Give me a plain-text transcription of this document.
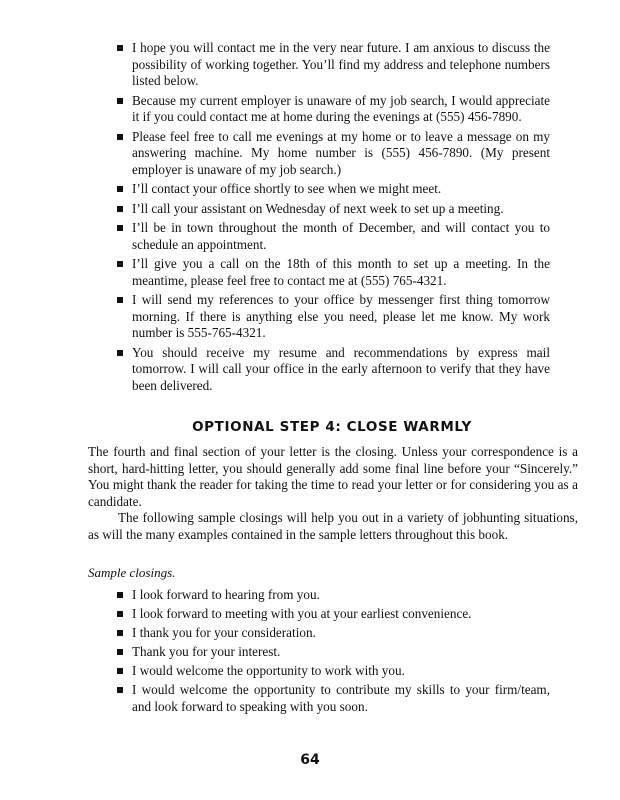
I hope you will contact me in the very near future. I am anxious to discuss the possibility of working together. You’ll find my address and telephone numbers listed below.
Because my current employer is unaware of my job search, I would appreciate it if you could contact me at home during the evenings at (555) 456-7890.
Please feel free to call me evenings at my home or to leave a message on my answering machine. My home number is (555) 456-7890. (My present employer is unaware of my job search.)
I’ll contact your office shortly to see when we might meet.
I’ll call your assistant on Wednesday of next week to set up a meeting.
I’ll be in town throughout the month of December, and will contact you to schedule an appointment.
I’ll give you a call on the 18th of this month to set up a meeting. In the meantime, please feel free to contact me at (555) 765-4321.
I will send my references to your office by messenger first thing tomorrow morning. If there is anything else you need, please let me know. My work number is 555-765-4321.
You should receive my resume and recommendations by express mail tomorrow. I will call your office in the early afternoon to verify that they have been delivered.
OPTIONAL STEP 4: CLOSE WARMLY

The fourth and final section of your letter is the closing. Unless your correspondence is a short, hard-hitting letter, you should generally add some final line before your “Sincerely.” You might thank the reader for taking the time to read your letter or for considering you as a candidate.

The following sample closings will help you out in a variety of jobhunting situations, as will the many examples contained in the sample letters throughout this book.

Sample closings.
I look forward to hearing from you.
I look forward to meeting with you at your earliest convenience.
I thank you for your consideration.
Thank you for your interest.
I would welcome the opportunity to work with you.
I would welcome the opportunity to contribute my skills to your firm/team, and look forward to speaking with you soon.
64
